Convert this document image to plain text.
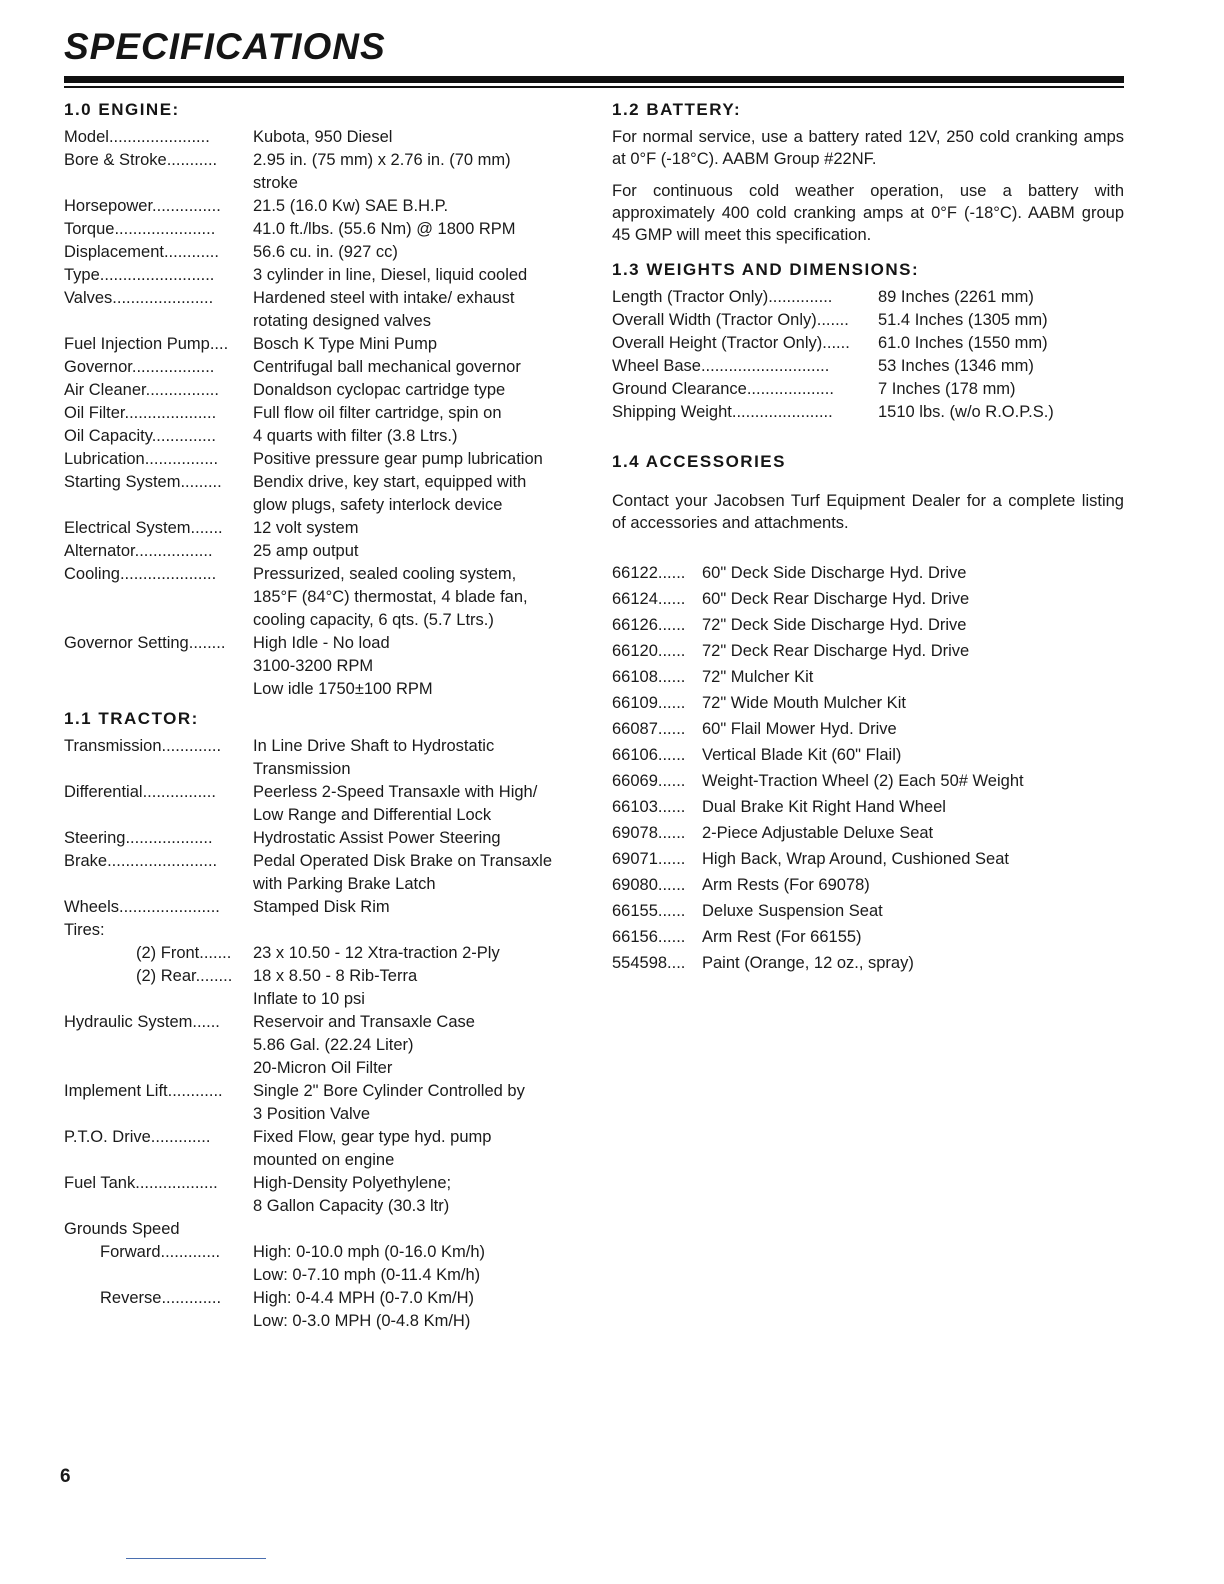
SPECIFICATIONS
1.0 ENGINE:
Model......................	Kubota, 950 Diesel
Bore & Stroke...........	2.95 in. (75 mm) x 2.76 in. (70 mm)
stroke
Horsepower...............	21.5 (16.0 Kw) SAE B.H.P.
Torque......................	41.0 ft./lbs. (55.6 Nm) @ 1800 RPM
Displacement............	56.6 cu. in. (927 cc)
Type.........................	3 cylinder in line, Diesel, liquid cooled
Valves......................	Hardened steel with intake/ exhaust
rotating designed valves
Fuel Injection Pump....	Bosch K Type Mini Pump
Governor..................	Centrifugal ball mechanical governor
Air Cleaner................	Donaldson cyclopac cartridge type
Oil Filter....................	Full flow oil filter cartridge, spin on
Oil Capacity..............	4 quarts with filter (3.8 Ltrs.)
Lubrication................	Positive pressure gear pump lubrication
Starting System.........	Bendix drive, key start, equipped with
glow plugs, safety interlock device
Electrical System.......	12 volt system
Alternator.................	25 amp output
Cooling.....................	Pressurized, sealed cooling system,
185°F (84°C) thermostat, 4 blade fan,
cooling capacity, 6 qts. (5.7 Ltrs.)
Governor Setting........	High Idle - No load
3100-3200 RPM
Low idle 1750±100 RPM
1.1 TRACTOR:
Transmission.............	In Line Drive Shaft to Hydrostatic
Transmission
Differential................	Peerless 2-Speed Transaxle with High/
Low Range and Differential Lock
Steering...................	Hydrostatic Assist Power Steering
Brake........................	Pedal Operated Disk Brake on Transaxle
with Parking Brake Latch
Wheels......................	Stamped Disk Rim
Tires:
(2) Front.......	23 x 10.50 - 12 Xtra-traction 2-Ply
(2) Rear........	18 x 8.50 - 8 Rib-Terra
Inflate to 10 psi
Hydraulic System......	Reservoir and Transaxle Case
5.86 Gal. (22.24 Liter)
20-Micron Oil Filter
Implement Lift............	Single 2" Bore Cylinder Controlled by
3 Position Valve
P.T.O. Drive.............	Fixed Flow, gear type hyd. pump
mounted on engine
Fuel Tank..................	High-Density Polyethylene;
8 Gallon Capacity (30.3 ltr)
Grounds Speed
Forward.............	High: 0-10.0 mph (0-16.0 Km/h)
Low: 0-7.10 mph (0-11.4 Km/h)
Reverse.............	High: 0-4.4 MPH (0-7.0 Km/H)
Low: 0-3.0 MPH (0-4.8 Km/H)
1.2 BATTERY:

For normal service, use a battery rated 12V, 250 cold cranking amps at 0°F (-18°C). AABM Group #22NF.

For continuous cold weather operation, use a battery with approximately 400 cold cranking amps at 0°F (-18°C). AABM group 45 GMP will meet this specification.

1.3 WEIGHTS AND DIMENSIONS:
Length (Tractor Only)..............	89 Inches (2261 mm)
Overall Width (Tractor Only).......	51.4 Inches (1305 mm)
Overall Height (Tractor Only)......	61.0 Inches (1550 mm)
Wheel Base............................	53 Inches (1346 mm)
Ground Clearance...................	7 Inches (178 mm)
Shipping Weight......................	1510 lbs. (w/o R.O.P.S.)
1.4 ACCESSORIES

Contact your Jacobsen Turf Equipment Dealer for a complete listing of accessories and attachments.

66122......	60" Deck Side Discharge Hyd. Drive
66124......	60" Deck Rear Discharge Hyd. Drive
66126......	72" Deck Side Discharge Hyd. Drive
66120......	72" Deck Rear Discharge Hyd. Drive
66108......	72" Mulcher Kit
66109......	72" Wide Mouth Mulcher Kit
66087......	60" Flail Mower Hyd. Drive
66106......	Vertical Blade Kit (60" Flail)
66069......	Weight-Traction Wheel (2) Each 50# Weight
66103......	Dual Brake Kit Right Hand Wheel
69078......	2-Piece Adjustable Deluxe Seat
69071......	High Back, Wrap Around, Cushioned Seat
69080......	Arm Rests (For 69078)
66155......	Deluxe Suspension Seat
66156......	Arm Rest (For 66155)
554598....	Paint (Orange, 12 oz., spray)
6
